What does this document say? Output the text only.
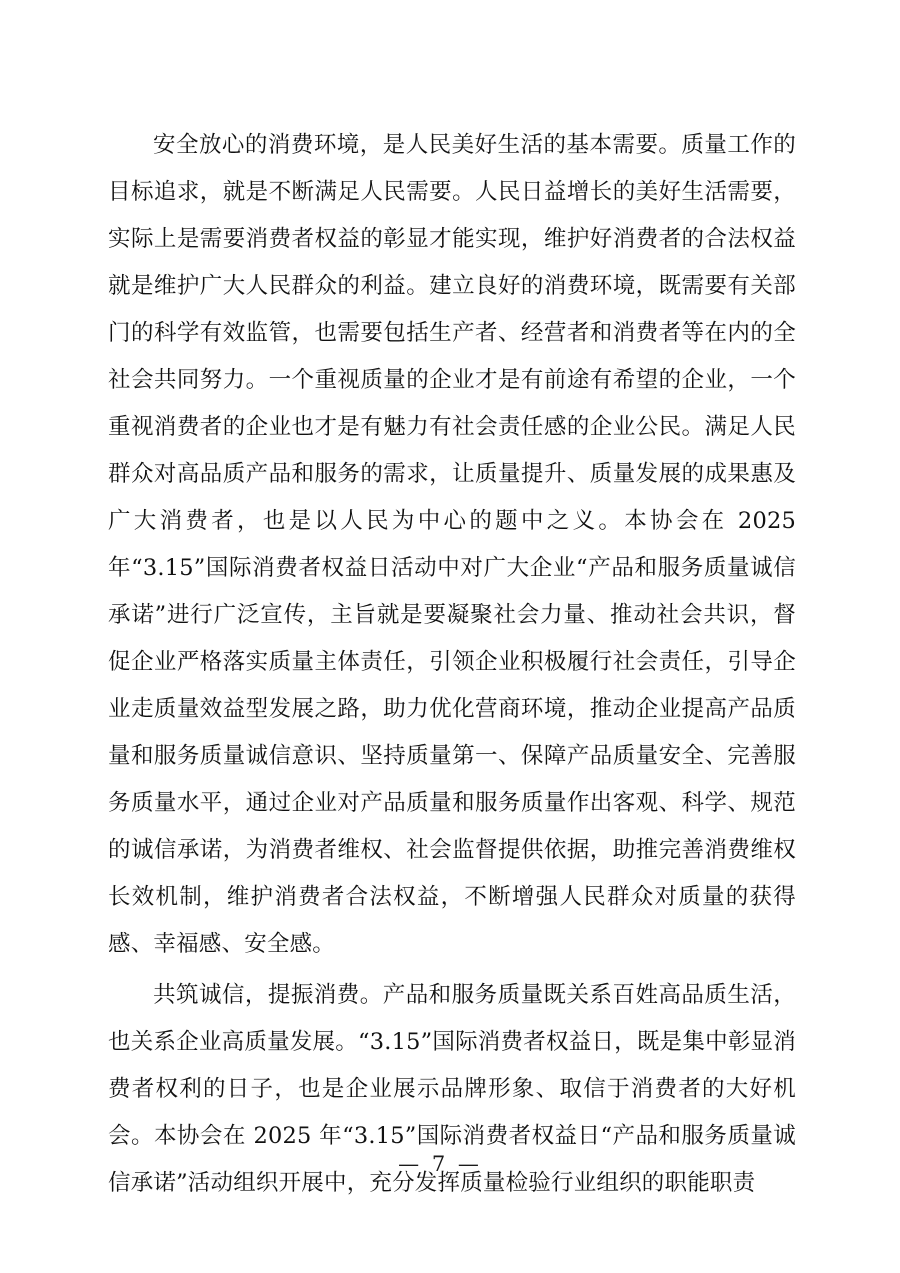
安全放心的消费环境，是人民美好生活的基本需要。质量工作的目标追求，就是不断满足人民需要。人民日益增长的美好生活需要，实际上是需要消费者权益的彰显才能实现，维护好消费者的合法权益就是维护广大人民群众的利益。建立良好的消费环境，既需要有关部门的科学有效监管，也需要包括生产者、经营者和消费者等在内的全社会共同努力。一个重视质量的企业才是有前途有希望的企业，一个重视消费者的企业也才是有魅力有社会责任感的企业公民。满足人民群众对高品质产品和服务的需求，让质量提升、质量发展的成果惠及广大消费者，也是以人民为中心的题中之义。本协会在 2025 年“3.15”国际消费者权益日活动中对广大企业“产品和服务质量诚信承诺”进行广泛宣传，主旨就是要凝聚社会力量、推动社会共识，督促企业严格落实质量主体责任，引领企业积极履行社会责任，引导企业走质量效益型发展之路，助力优化营商环境，推动企业提高产品质量和服务质量诚信意识、坚持质量第一、保障产品质量安全、完善服务质量水平，通过企业对产品质量和服务质量作出客观、科学、规范的诚信承诺，为消费者维权、社会监督提供依据，助推完善消费维权长效机制，维护消费者合法权益，不断增强人民群众对质量的获得感、幸福感、安全感。

共筑诚信，提振消费。产品和服务质量既关系百姓高品质生活，也关系企业高质量发展。“3.15”国际消费者权益日，既是集中彰显消费者权利的日子，也是企业展示品牌形象、取信于消费者的大好机会。本协会在 2025 年“3.15”国际消费者权益日“产品和服务质量诚信承诺”活动组织开展中，充分发挥质量检验行业组织的职能职责

— 7 —
